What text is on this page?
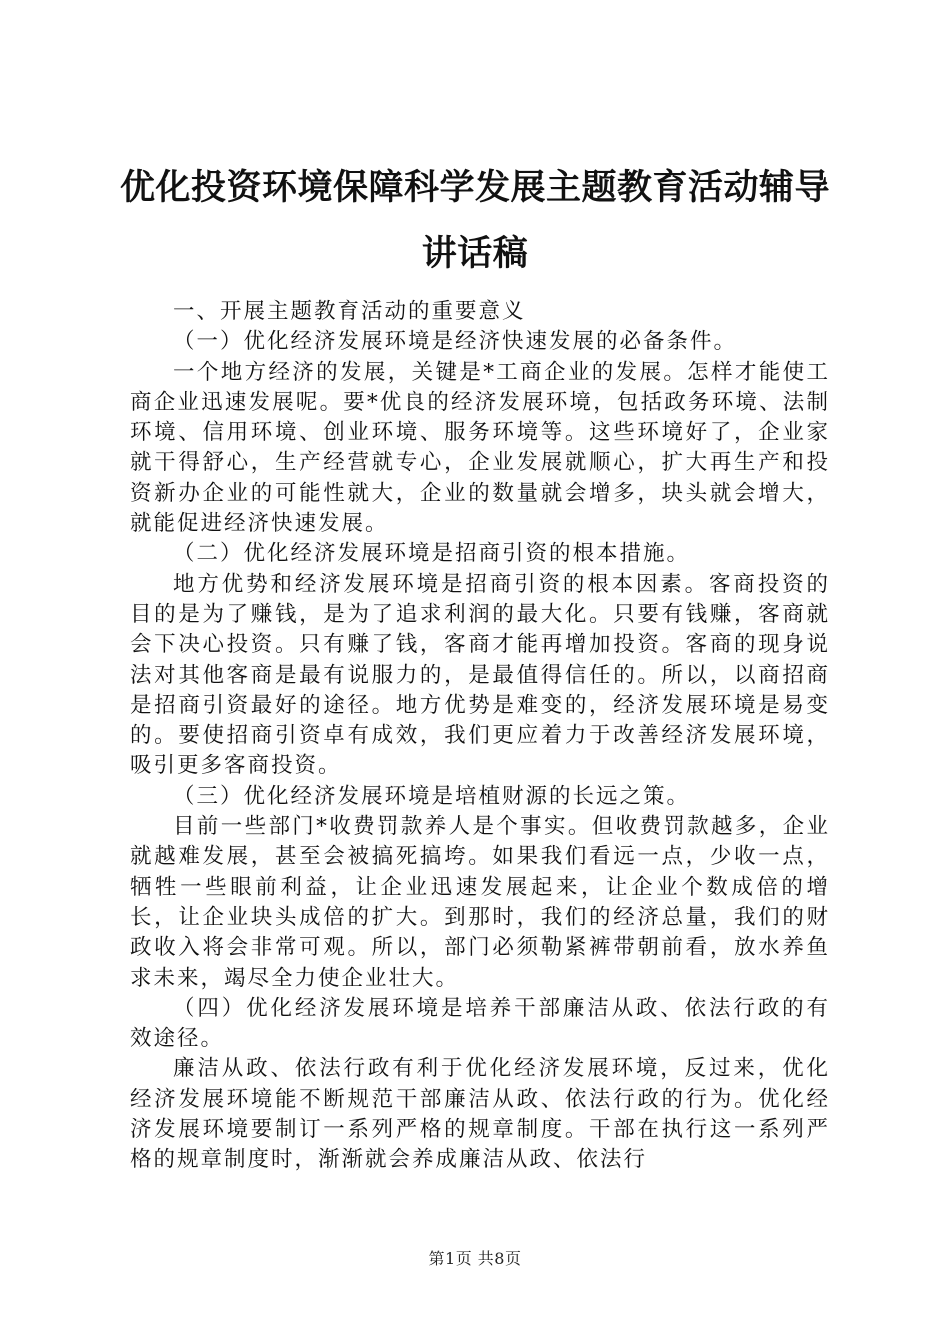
优化投资环境保障科学发展主题教育活动辅导
讲话稿

一、开展主题教育活动的重要意义

（一）优化经济发展环境是经济快速发展的必备条件。

一个地方经济的发展，关键是*工商企业的发展。怎样才能使工商企业迅速发展呢。要*优良的经济发展环境，包括政务环境、法制环境、信用环境、创业环境、服务环境等。这些环境好了，企业家就干得舒心，生产经营就专心，企业发展就顺心，扩大再生产和投资新办企业的可能性就大，企业的数量就会增多，块头就会增大，就能促进经济快速发展。

（二）优化经济发展环境是招商引资的根本措施。

地方优势和经济发展环境是招商引资的根本因素。客商投资的目的是为了赚钱，是为了追求利润的最大化。只要有钱赚，客商就会下决心投资。只有赚了钱，客商才能再增加投资。客商的现身说法对其他客商是最有说服力的，是最值得信任的。所以，以商招商是招商引资最好的途径。地方优势是难变的，经济发展环境是易变的。要使招商引资卓有成效，我们更应着力于改善经济发展环境，吸引更多客商投资。

（三）优化经济发展环境是培植财源的长远之策。

目前一些部门*收费罚款养人是个事实。但收费罚款越多，企业就越难发展，甚至会被搞死搞垮。如果我们看远一点，少收一点，牺牲一些眼前利益，让企业迅速发展起来，让企业个数成倍的增长，让企业块头成倍的扩大。到那时，我们的经济总量，我们的财政收入将会非常可观。所以，部门必须勒紧裤带朝前看，放水养鱼求未来，竭尽全力使企业壮大。

（四）优化经济发展环境是培养干部廉洁从政、依法行政的有效途径。

廉洁从政、依法行政有利于优化经济发展环境，反过来，优化经济发展环境能不断规范干部廉洁从政、依法行政的行为。优化经济发展环境要制订一系列严格的规章制度。干部在执行这一系列严格的规章制度时，渐渐就会养成廉洁从政、依法行

第1页 共8页
